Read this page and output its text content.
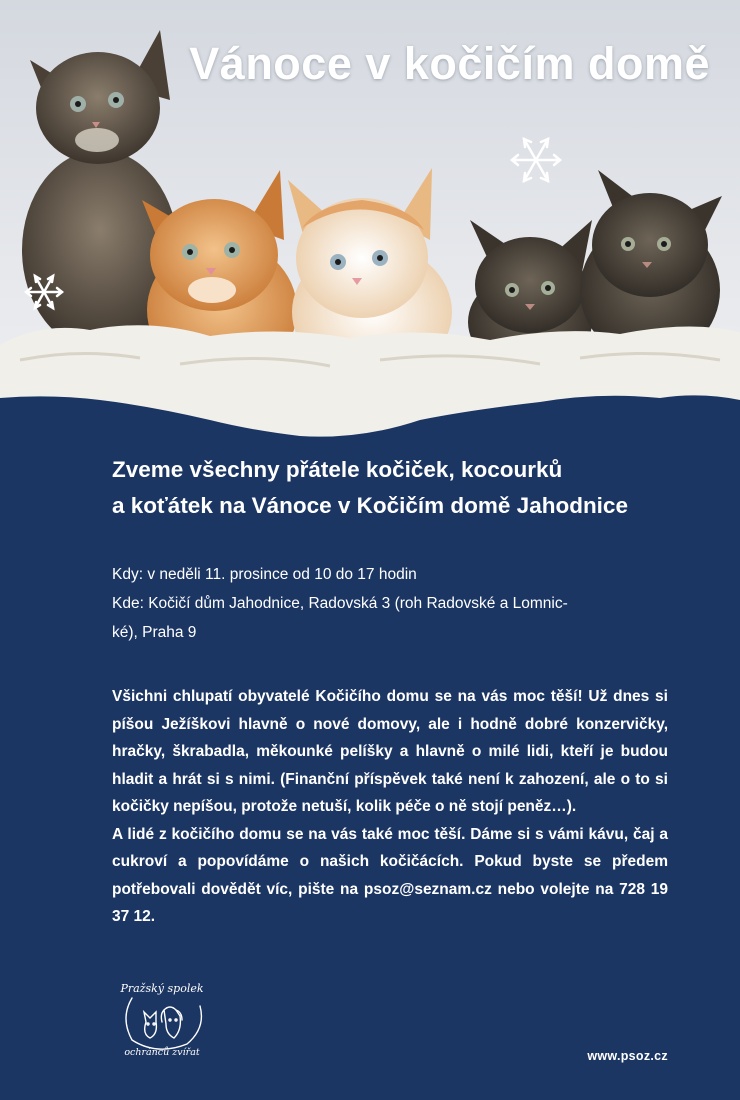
Vánoce v kočičím domě
Zveme všechny přátele kočiček, kocourků
a koťátek na Vánoce v Kočičím domě Jahodnice
Kdy: v neděli 11. prosince od 10 do 17 hodin
Kde: Kočičí dům Jahodnice, Radovská 3 (roh Radovské a Lomnic-
ké), Praha 9

Všichni chlupatí obyvatelé Kočičího domu se na vás moc těší! Už dnes si píšou Ježíškovi hlavně o nové domovy, ale i hodně dobré konzervičky, hračky, škrabadla, měkounké pelíšky a hlavně o milé lidi, kteří je budou hladit a hrát si s nimi. (Finanční příspěvek také není k zahození, ale o to si kočičky nepíšou, protože netuší, kolik péče o ně stojí peněz…).

A lidé z kočičího domu se na vás také moc těší. Dáme si s vámi kávu, čaj a cukroví a popovídáme o našich kočičácích. Pokud byste se předem potřebovali dovědět víc, pište na psoz@seznam.cz nebo volejte na 728 19 37 12.

Pražský spolek
ochránců zvířat	www.psoz.cz
